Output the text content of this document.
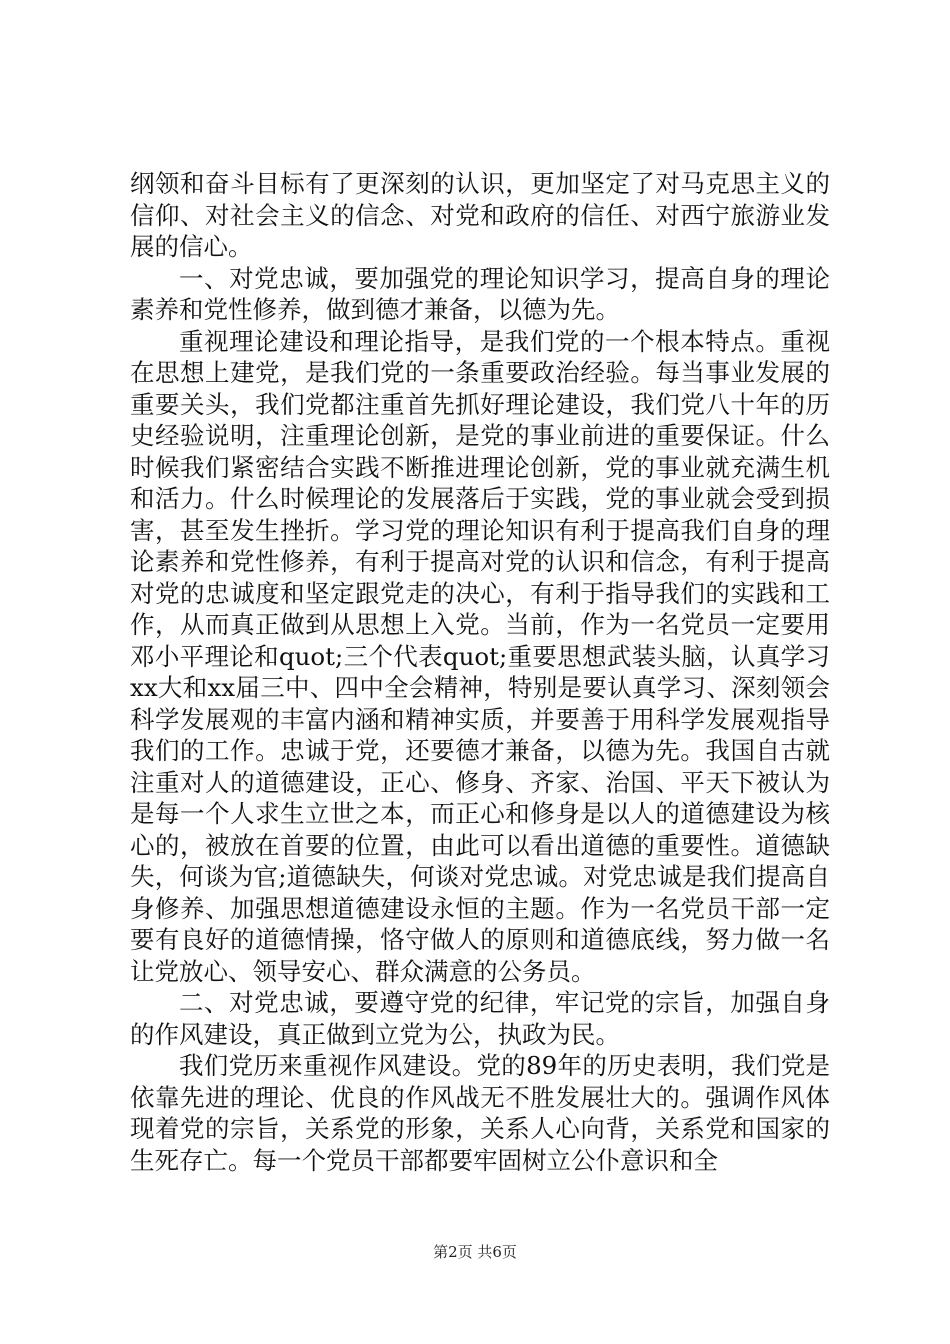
纲领和奋斗目标有了更深刻的认识，更加坚定了对马克思主义的信仰、对社会主义的信念、对党和政府的信任、对西宁旅游业发展的信心。

一、对党忠诚，要加强党的理论知识学习，提高自身的理论素养和党性修养，做到德才兼备，以德为先。

重视理论建设和理论指导，是我们党的一个根本特点。重视在思想上建党，是我们党的一条重要政治经验。每当事业发展的重要关头，我们党都注重首先抓好理论建设，我们党八十年的历史经验说明，注重理论创新，是党的事业前进的重要保证。什么时候我们紧密结合实践不断推进理论创新，党的事业就充满生机和活力。什么时候理论的发展落后于实践，党的事业就会受到损害，甚至发生挫折。学习党的理论知识有利于提高我们自身的理论素养和党性修养，有利于提高对党的认识和信念，有利于提高对党的忠诚度和坚定跟党走的决心，有利于指导我们的实践和工作，从而真正做到从思想上入党。当前，作为一名党员一定要用邓小平理论和quot;三个代表quot;重要思想武装头脑，认真学习xx大和xx届三中、四中全会精神，特别是要认真学习、深刻领会科学发展观的丰富内涵和精神实质，并要善于用科学发展观指导我们的工作。忠诚于党，还要德才兼备，以德为先。我国自古就注重对人的道德建设，正心、修身、齐家、治国、平天下被认为是每一个人求生立世之本，而正心和修身是以人的道德建设为核心的，被放在首要的位置，由此可以看出道德的重要性。道德缺失，何谈为官;道德缺失，何谈对党忠诚。对党忠诚是我们提高自身修养、加强思想道德建设永恒的主题。作为一名党员干部一定要有良好的道德情操，恪守做人的原则和道德底线，努力做一名让党放心、领导安心、群众满意的公务员。

二、对党忠诚，要遵守党的纪律，牢记党的宗旨，加强自身的作风建设，真正做到立党为公，执政为民。

我们党历来重视作风建设。党的89年的历史表明，我们党是依靠先进的理论、优良的作风战无不胜发展壮大的。强调作风体现着党的宗旨，关系党的形象，关系人心向背，关系党和国家的生死存亡。每一个党员干部都要牢固树立公仆意识和全

第2页 共6页
